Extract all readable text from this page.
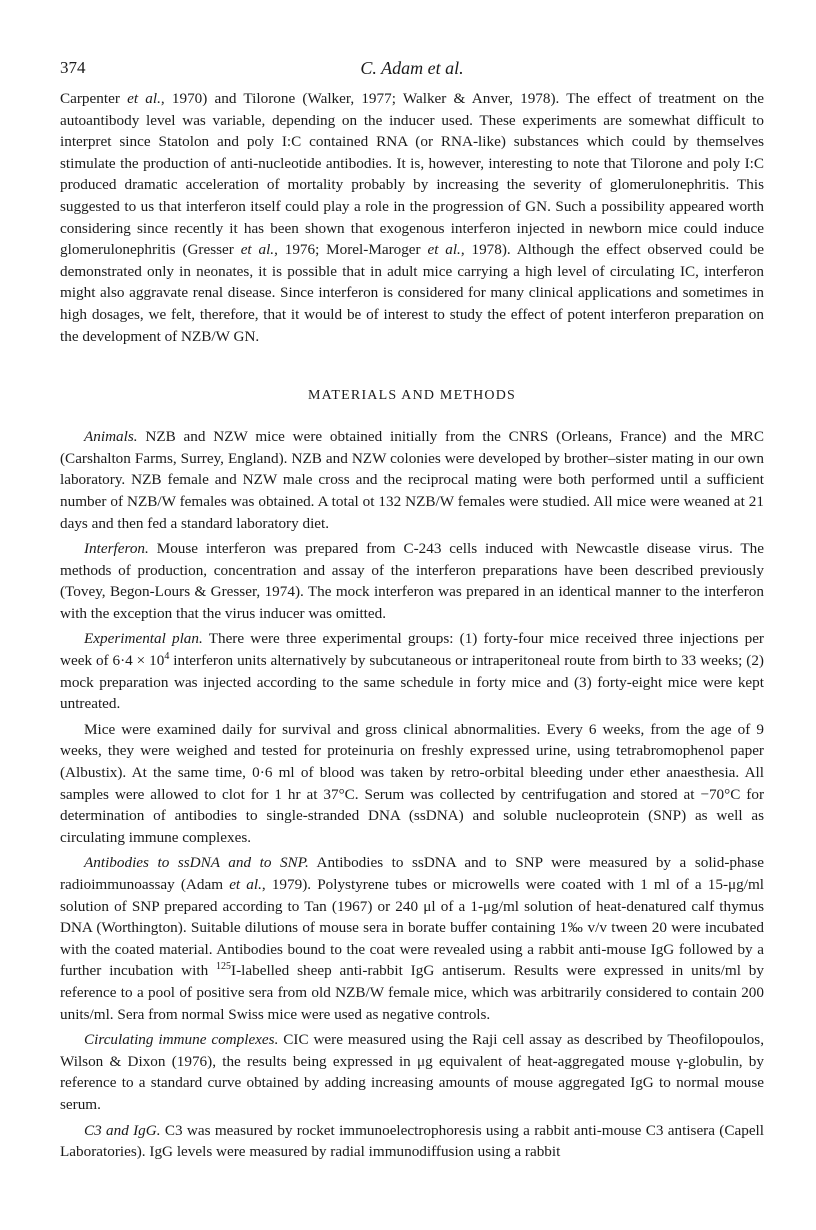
374	C. Adam et al.

Carpenter et al., 1970) and Tilorone (Walker, 1977; Walker & Anver, 1978). The effect of treatment on the autoantibody level was variable, depending on the inducer used. These experiments are somewhat difficult to interpret since Statolon and poly I:C contained RNA (or RNA-like) substances which could by themselves stimulate the production of anti-nucleotide antibodies. It is, however, interesting to note that Tilorone and poly I:C produced dramatic acceleration of mortality probably by increasing the severity of glomerulonephritis. This suggested to us that interferon itself could play a role in the progression of GN. Such a possibility appeared worth considering since recently it has been shown that exogenous interferon injected in newborn mice could induce glomerulonephritis (Gresser et al., 1976; Morel-Maroger et al., 1978). Although the effect observed could be demonstrated only in neonates, it is possible that in adult mice carrying a high level of circulating IC, interferon might also aggravate renal disease. Since interferon is considered for many clinical applications and sometimes in high dosages, we felt, therefore, that it would be of interest to study the effect of potent interferon preparation on the development of NZB/W GN.

MATERIALS AND METHODS

Animals. NZB and NZW mice were obtained initially from the CNRS (Orleans, France) and the MRC (Carshalton Farms, Surrey, England). NZB and NZW colonies were developed by brother–sister mating in our own laboratory. NZB female and NZW male cross and the reciprocal mating were both performed until a sufficient number of NZB/W females was obtained. A total ot 132 NZB/W females were studied. All mice were weaned at 21 days and then fed a standard laboratory diet.

Interferon. Mouse interferon was prepared from C-243 cells induced with Newcastle disease virus. The methods of production, concentration and assay of the interferon preparations have been described previously (Tovey, Begon-Lours & Gresser, 1974). The mock interferon was prepared in an identical manner to the interferon with the exception that the virus inducer was omitted.

Experimental plan. There were three experimental groups: (1) forty-four mice received three injections per week of $6\cdot 4 \times 10^4$ interferon units alternatively by subcutaneous or intraperitoneal route from birth to 33 weeks; (2) mock preparation was injected according to the same schedule in forty mice and (3) forty-eight mice were kept untreated.

Mice were examined daily for survival and gross clinical abnormalities. Every 6 weeks, from the age of 9 weeks, they were weighed and tested for proteinuria on freshly expressed urine, using tetrabromophenol paper (Albustix). At the same time, 0·6 ml of blood was taken by retro-orbital bleeding under ether anaesthesia. All samples were allowed to clot for 1 hr at 37°C. Serum was collected by centrifugation and stored at −70°C for determination of antibodies to single-stranded DNA (ssDNA) and soluble nucleoprotein (SNP) as well as circulating immune complexes.

Antibodies to ssDNA and to SNP. Antibodies to ssDNA and to SNP were measured by a solid-phase radioimmunoassay (Adam et al., 1979). Polystyrene tubes or microwells were coated with 1 ml of a 15-μg/ml solution of SNP prepared according to Tan (1967) or 240 μl of a 1-μg/ml solution of heat-denatured calf thymus DNA (Worthington). Suitable dilutions of mouse sera in borate buffer containing 1‰ v/v tween 20 were incubated with the coated material. Antibodies bound to the coat were revealed using a rabbit anti-mouse IgG followed by a further incubation with $^{125}$I-labelled sheep anti-rabbit IgG antiserum. Results were expressed in units/ml by reference to a pool of positive sera from old NZB/W female mice, which was arbitrarily considered to contain 200 units/ml. Sera from normal Swiss mice were used as negative controls.

Circulating immune complexes. CIC were measured using the Raji cell assay as described by Theofilopoulos, Wilson & Dixon (1976), the results being expressed in μg equivalent of heat-aggregated mouse γ-globulin, by reference to a standard curve obtained by adding increasing amounts of mouse aggregated IgG to normal mouse serum.

C3 and IgG. C3 was measured by rocket immunoelectrophoresis using a rabbit anti-mouse C3 antisera (Capell Laboratories). IgG levels were measured by radial immunodiffusion using a rabbit
